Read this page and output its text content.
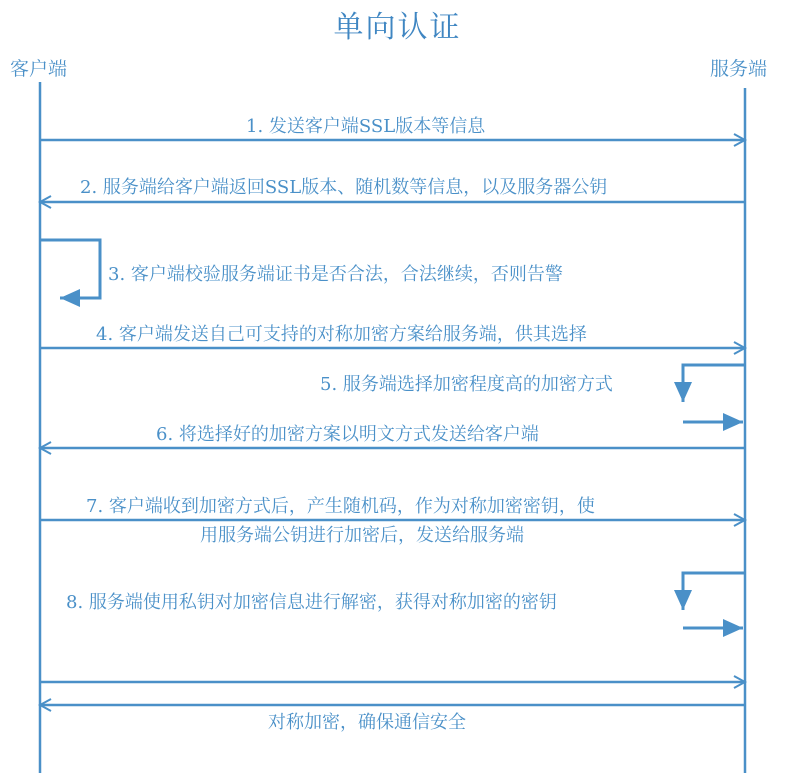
单向认证
客户端	服务端
1. 发送客户端SSL版本等信息
2. 服务端给客户端返回SSL版本、随机数等信息，以及服务器公钥
3. 客户端校验服务端证书是否合法，合法继续，否则告警
4. 客户端发送自己可支持的对称加密方案给服务端，供其选择
5. 服务端选择加密程度高的加密方式
6. 将选择好的加密方案以明文方式发送给客户端
7. 客户端收到加密方式后，产生随机码，作为对称加密密钥，使
用服务端公钥进行加密后，发送给服务端
8. 服务端使用私钥对加密信息进行解密，获得对称加密的密钥
对称加密，确保通信安全
